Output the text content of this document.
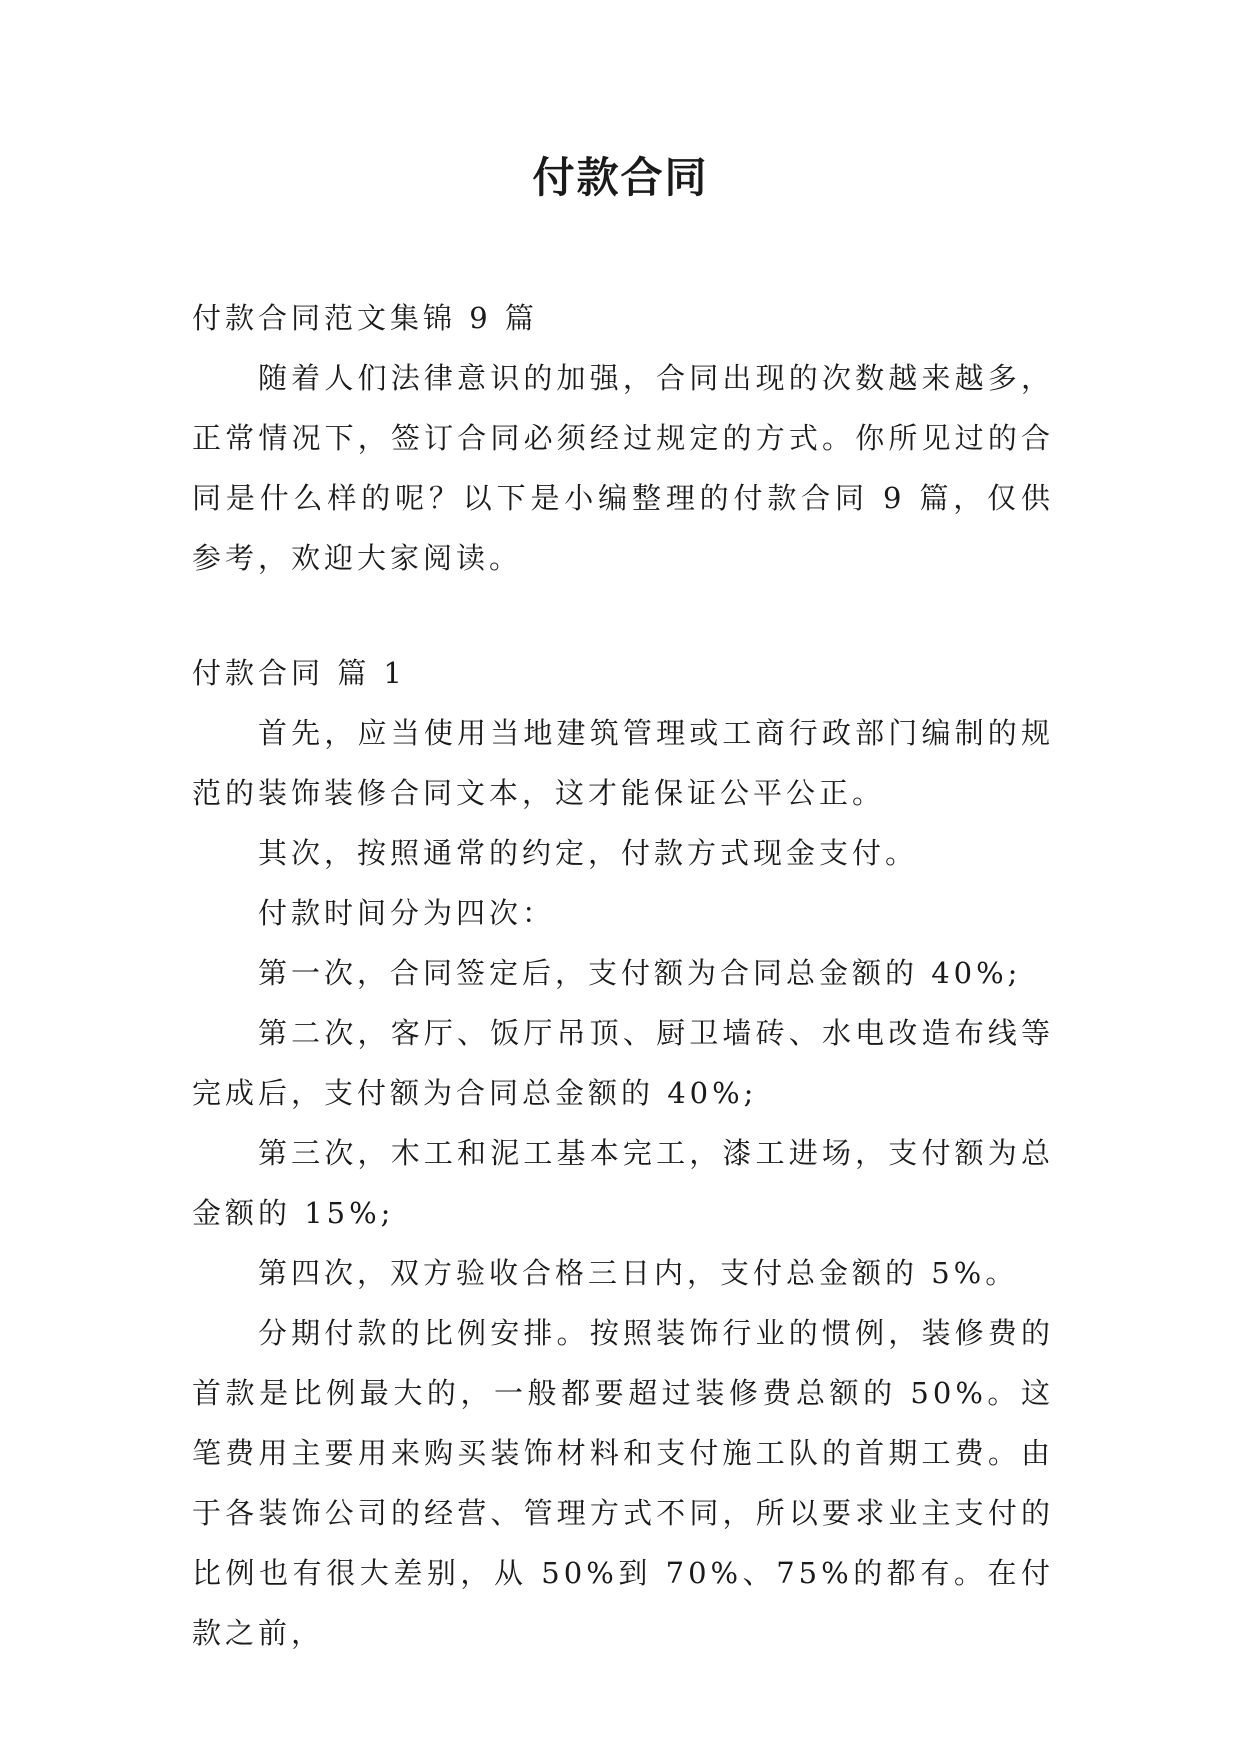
付款合同

付款合同范文集锦 9 篇

随着人们法律意识的加强，合同出现的次数越来越多，正常情况下，签订合同必须经过规定的方式。你所见过的合同是什么样的呢？以下是小编整理的付款合同 9 篇，仅供参考，欢迎大家阅读。

付款合同 篇 1

首先，应当使用当地建筑管理或工商行政部门编制的规范的装饰装修合同文本，这才能保证公平公正。

其次，按照通常的约定，付款方式现金支付。

付款时间分为四次：

第一次，合同签定后，支付额为合同总金额的 40%;

第二次，客厅、饭厅吊顶、厨卫墙砖、水电改造布线等完成后，支付额为合同总金额的 40%;

第三次，木工和泥工基本完工，漆工进场，支付额为总金额的 15%;

第四次，双方验收合格三日内，支付总金额的 5%。

分期付款的比例安排。按照装饰行业的惯例，装修费的首款是比例最大的，一般都要超过装修费总额的 50%。这笔费用主要用来购买装饰材料和支付施工队的首期工费。由于各装饰公司的经营、管理方式不同，所以要求业主支付的比例也有很大差别，从 50%到 70%、75%的都有。在付款之前，
